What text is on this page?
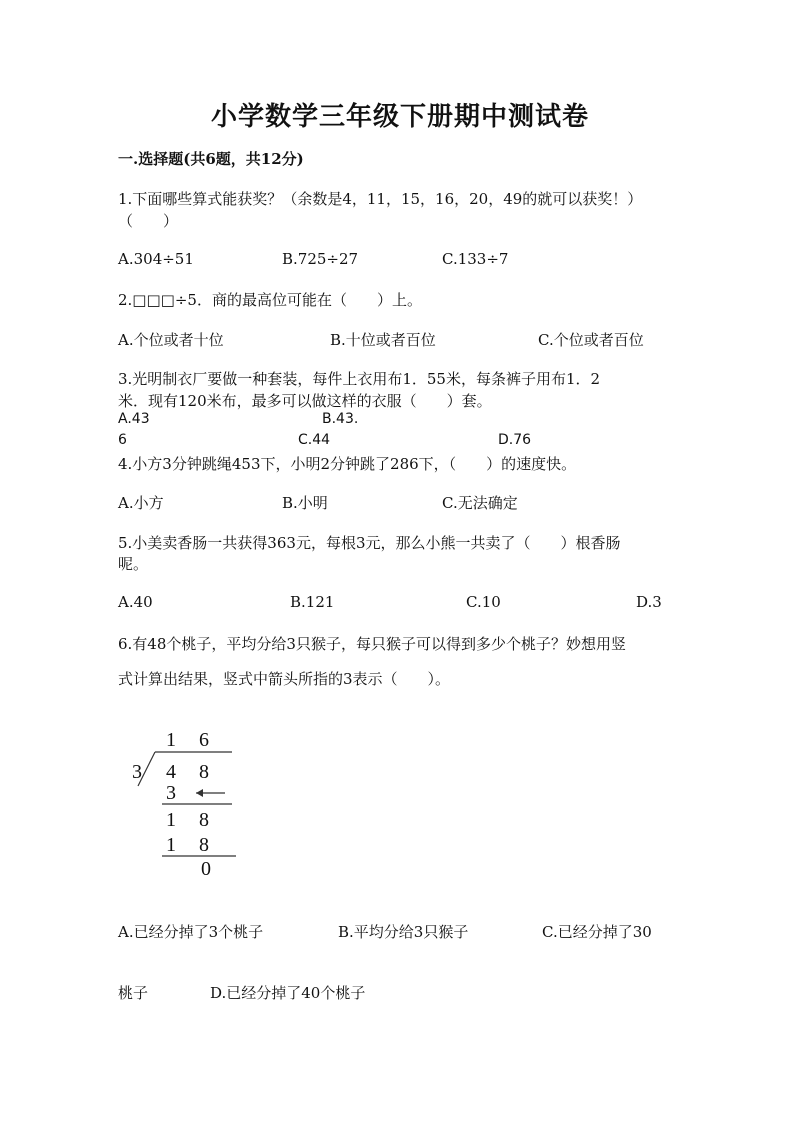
小学数学三年级下册期中测试卷
一.选择题(共6题，共12分)
1.下面哪些算式能获奖？（余数是4，11，15，16，20，49的就可以获奖！）
（　　）
A.304÷51	B.725÷27	C.133÷7
2.□□□÷5．商的最高位可能在（　　）上。
A.个位或者十位	B.十位或者百位	C.个位或者百位
3.光明制衣厂要做一种套装，每件上衣用布1．55米，每条裤子用布1．2
米．现有120米布，最多可以做这样的衣服（　　）套。
A.43	B.43.
6	C.44	D.76
4.小方3分钟跳绳453下，小明2分钟跳了286下，（　　）的速度快。
A.小方	B.小明	C.无法确定
5.小美卖香肠一共获得363元，每根3元，那么小熊一共卖了（　　）根香肠
呢。
A.40	B.121	C.10	D.3
6.有48个桃子，平均分给3只猴子，每只猴子可以得到多少个桃子？妙想用竖
式计算出结果，竖式中箭头所指的3表示（　　）。
1 6
3 4 8
3
1 8
1 8
0
A.已经分掉了3个桃子	B.平均分给3只猴子	C.已经分掉了30
桃子	D.已经分掉了40个桃子
